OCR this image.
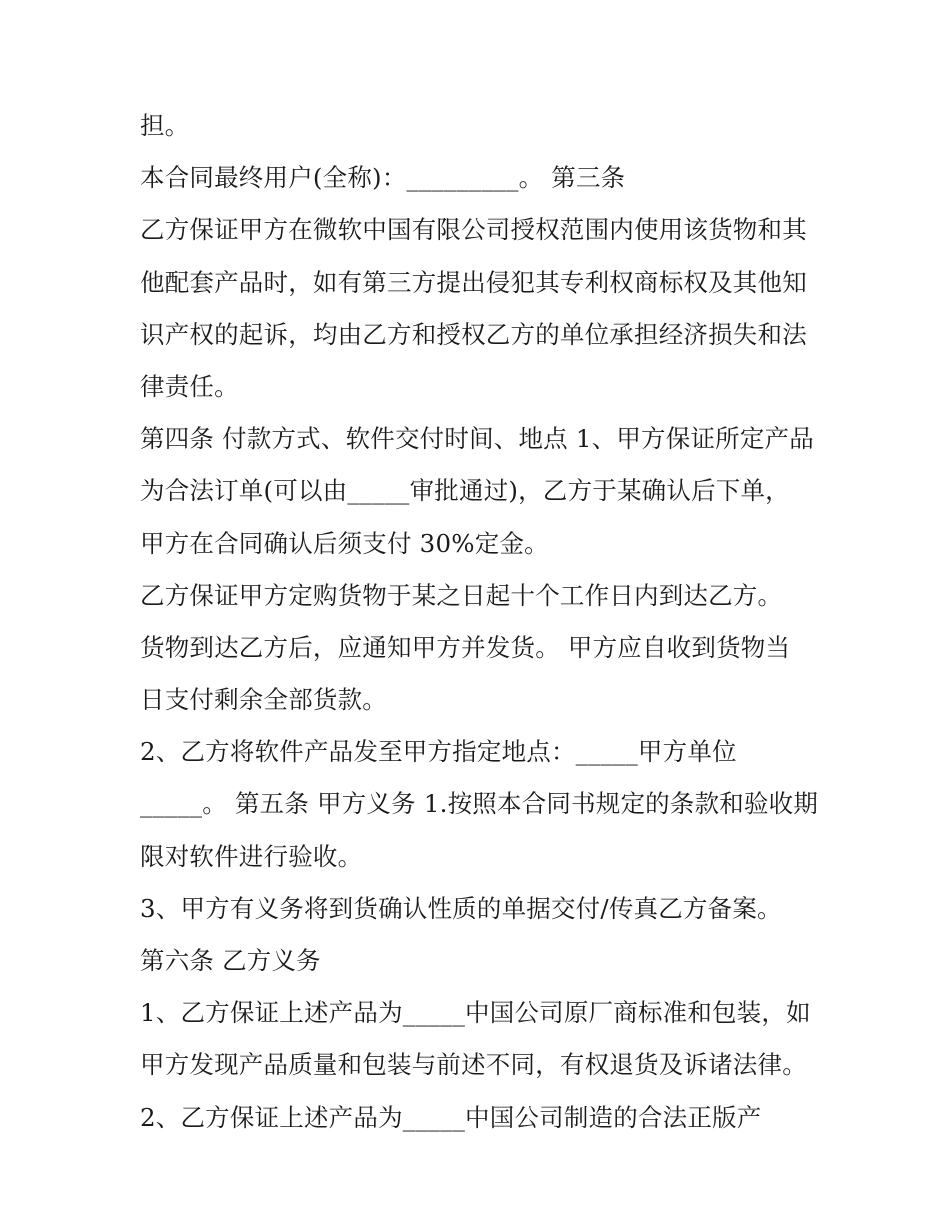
担。
本合同最终用户(全称)：_________。 第三条
乙方保证甲方在微软中国有限公司授权范围内使用该货物和其
他配套产品时，如有第三方提出侵犯其专利权商标权及其他知
识产权的起诉，均由乙方和授权乙方的单位承担经济损失和法
律责任。
第四条 付款方式、软件交付时间、地点 1、甲方保证所定产品
为合法订单(可以由_____审批通过)，乙方于某确认后下单，
甲方在合同确认后须支付 30%定金。
乙方保证甲方定购货物于某之日起十个工作日内到达乙方。
货物到达乙方后，应通知甲方并发货。 甲方应自收到货物当
日支付剩余全部货款。
2、乙方将软件产品发至甲方指定地点：_____甲方单位
_____。 第五条 甲方义务 1.按照本合同书规定的条款和验收期
限对软件进行验收。
3、甲方有义务将到货确认性质的单据交付/传真乙方备案。
第六条 乙方义务
1、乙方保证上述产品为_____中国公司原厂商标准和包装，如
甲方发现产品质量和包装与前述不同，有权退货及诉诸法律。
2、乙方保证上述产品为_____中国公司制造的合法正版产
